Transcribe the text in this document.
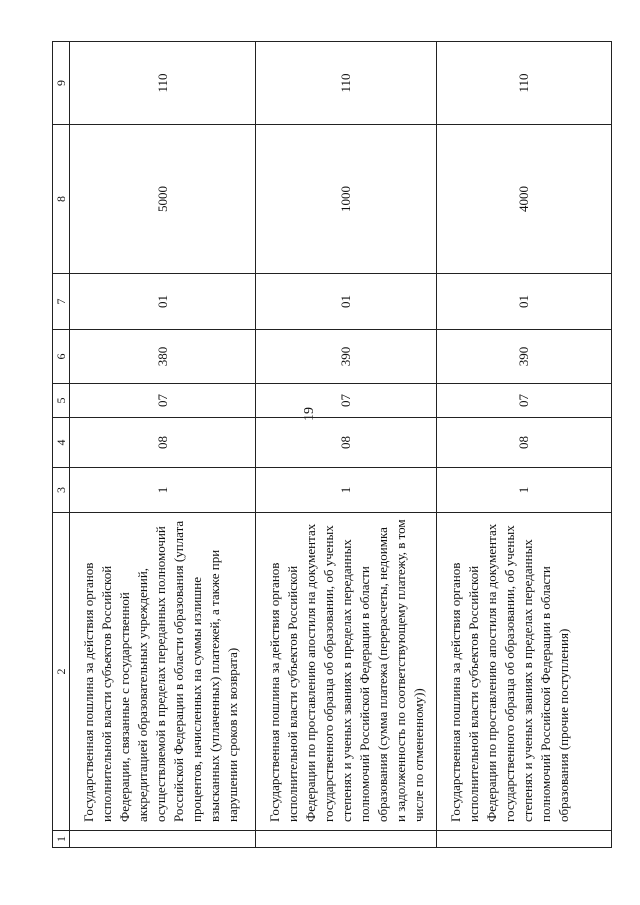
19
1	2	3	4	5	6	7	8	9
	Государственная пошлина за действия органов исполнительной власти субъектов Российской Федерации, связанные с государственной аккредитацией образовательных учреждений, осуществляемой в пределах переданных полномочий Российской Федерации в области образования (уплата процентов, начисленных на суммы излишне взысканных (уплаченных) платежей, а также при нарушении сроков их возврата)	1	08	07	380	01	5000	110
	Государственная пошлина за действия органов исполнительной власти субъектов Российской Федерации по проставлению апостиля на документах государственного образца об образовании, об ученых степенях и ученых званиях в пределах переданных полномочий Российской Федерации в области образования (сумма платежа (перерасчеты, недоимка и задолженность по соответствующему платежу, в том числе по отмененному))	1	08	07	390	01	1000	110
	Государственная пошлина за действия органов исполнительной власти субъектов Российской Федерации по проставлению апостиля на документах государственного образца об образовании, об ученых степенях и ученых званиях в пределах переданных полномочий Российской Федерации в области образования (прочие поступления)	1	08	07	390	01	4000	110
